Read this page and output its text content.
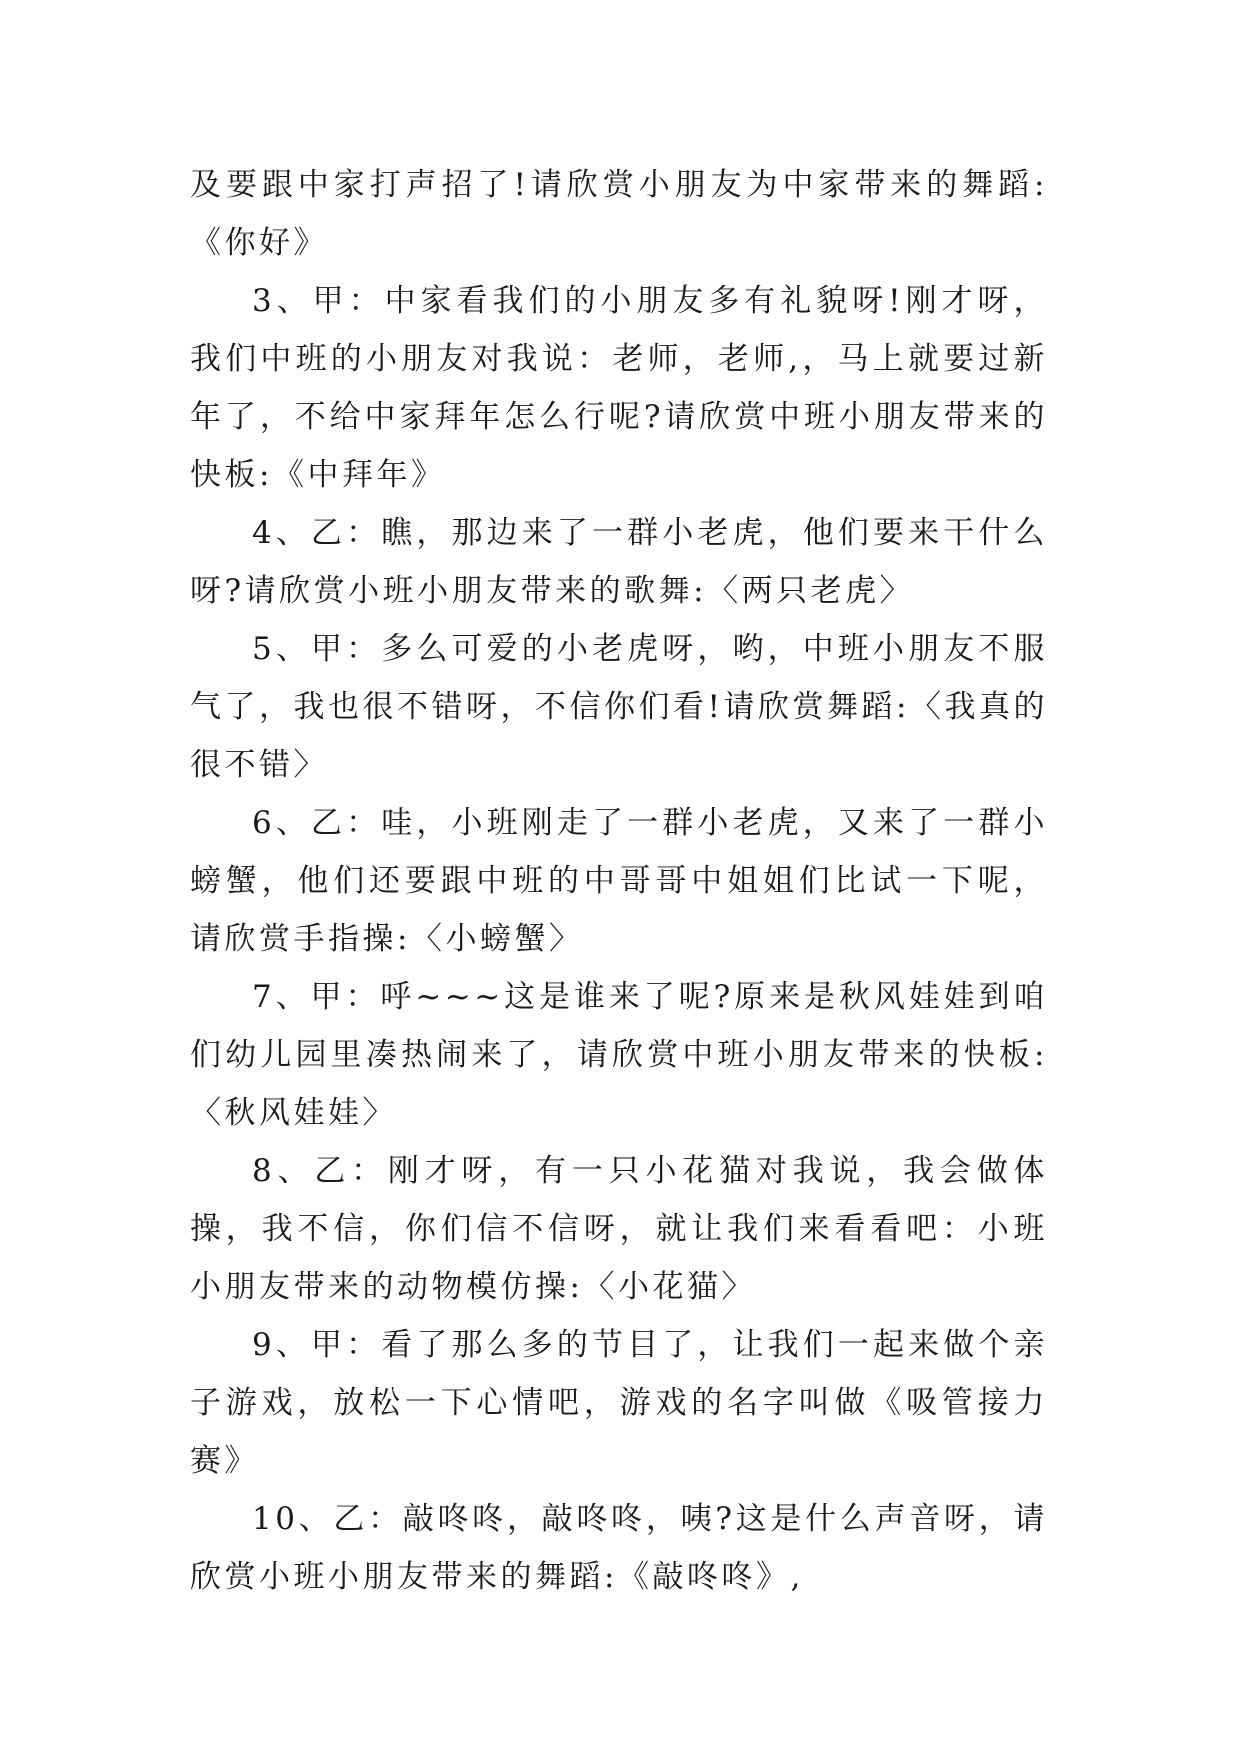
及要跟中家打声招了!请欣赏小朋友为中家带来的舞蹈:《你好》

3、甲：中家看我们的小朋友多有礼貌呀!刚才呀，我们中班的小朋友对我说：老师，老师,，马上就要过新年了，不给中家拜年怎么行呢?请欣赏中班小朋友带来的快板:《中拜年》

4、乙：瞧，那边来了一群小老虎，他们要来干什么呀?请欣赏小班小朋友带来的歌舞:〈两只老虎〉

5、甲：多么可爱的小老虎呀，哟，中班小朋友不服气了，我也很不错呀，不信你们看!请欣赏舞蹈:〈我真的很不错〉

6、乙：哇，小班刚走了一群小老虎，又来了一群小螃蟹，他们还要跟中班的中哥哥中姐姐们比试一下呢，请欣赏手指操:〈小螃蟹〉

7、甲：呼~~~这是谁来了呢?原来是秋风娃娃到咱们幼儿园里凑热闹来了，请欣赏中班小朋友带来的快板:〈秋风娃娃〉

8、乙：刚才呀，有一只小花猫对我说，我会做体操，我不信，你们信不信呀，就让我们来看看吧：小班小朋友带来的动物模仿操:〈小花猫〉

9、甲：看了那么多的节目了，让我们一起来做个亲子游戏，放松一下心情吧，游戏的名字叫做《吸管接力赛》

10、乙：敲咚咚，敲咚咚，咦?这是什么声音呀，请欣赏小班小朋友带来的舞蹈:《敲咚咚》,
